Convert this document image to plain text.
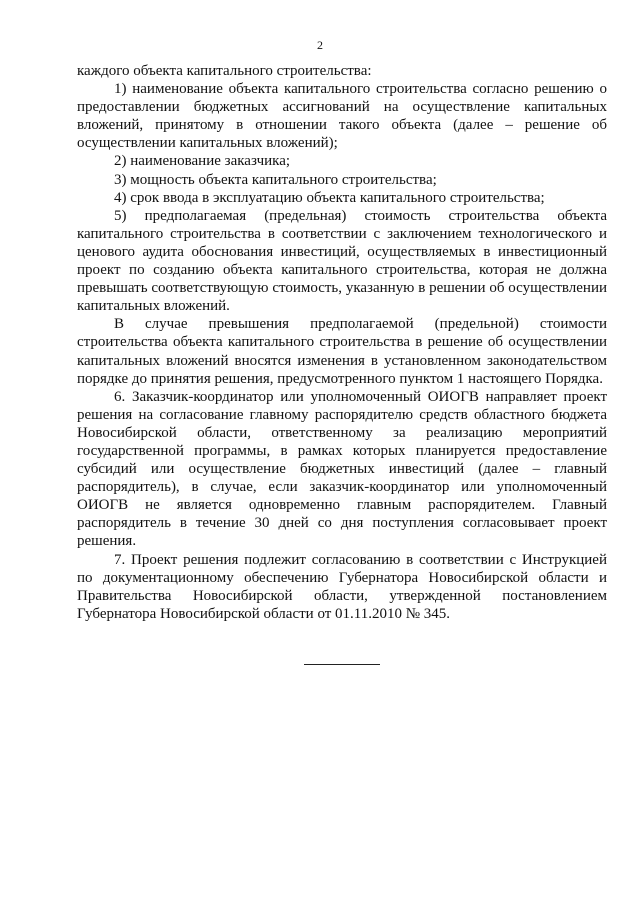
2

каждого объекта капитального строительства:

1) наименование объекта капитального строительства согласно решению о предоставлении бюджетных ассигнований на осуществление капитальных вложений, принятому в отношении такого объекта (далее – решение об осуществлении капитальных вложений);

2) наименование заказчика;

3) мощность объекта капитального строительства;

4) срок ввода в эксплуатацию объекта капитального строительства;

5) предполагаемая (предельная) стоимость строительства объекта капитального строительства в соответствии с заключением технологического и ценового аудита обоснования инвестиций, осуществляемых в инвестиционный проект по созданию объекта капитального строительства, которая не должна превышать соответствующую стоимость, указанную в решении об осуществлении капитальных вложений.

В случае превышения предполагаемой (предельной) стоимости строительства объекта капитального строительства в решение об осуществлении капитальных вложений вносятся изменения в установленном законодательством порядке до принятия решения, предусмотренного пунктом 1 настоящего Порядка.

6. Заказчик-координатор или уполномоченный ОИОГВ направляет проект решения на согласование главному распорядителю средств областного бюджета Новосибирской области, ответственному за реализацию мероприятий государственной программы, в рамках которых планируется предоставление субсидий или осуществление бюджетных инвестиций (далее – главный распорядитель), в случае, если заказчик-координатор или уполномоченный ОИОГВ не является одновременно главным распорядителем. Главный распорядитель в течение 30 дней со дня поступления согласовывает проект решения.

7. Проект решения подлежит согласованию в соответствии с Инструкцией по документационному обеспечению Губернатора Новосибирской области и Правительства Новосибирской области, утвержденной постановлением Губернатора Новосибирской области от 01.11.2010 № 345.
